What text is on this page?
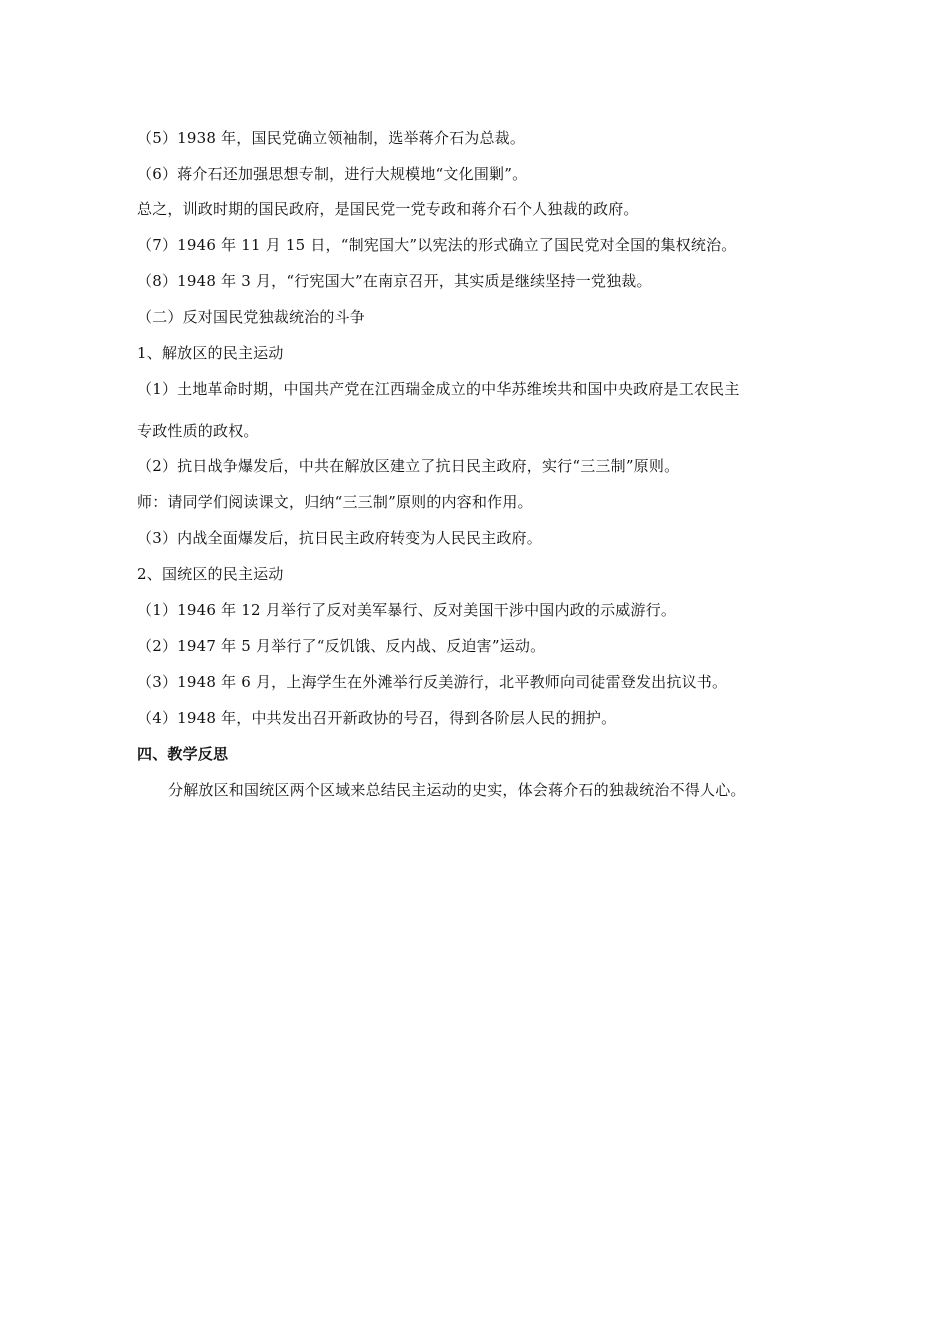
（5）1938 年，国民党确立领袖制，选举蒋介石为总裁。
（6）蒋介石还加强思想专制，进行大规模地“文化围剿”。
总之，训政时期的国民政府，是国民党一党专政和蒋介石个人独裁的政府。
（7）1946 年 11 月 15 日，“制宪国大”以宪法的形式确立了国民党对全国的集权统治。
（8）1948 年 3 月，“行宪国大”在南京召开，其实质是继续坚持一党独裁。
（二）反对国民党独裁统治的斗争
1、解放区的民主运动
（1）土地革命时期，中国共产党在江西瑞金成立的中华苏维埃共和国中央政府是工农民主
专政性质的政权。
（2）抗日战争爆发后，中共在解放区建立了抗日民主政府，实行“三三制”原则。
师：请同学们阅读课文，归纳“三三制”原则的内容和作用。
（3）内战全面爆发后，抗日民主政府转变为人民民主政府。
2、国统区的民主运动
（1）1946 年 12 月举行了反对美军暴行、反对美国干涉中国内政的示威游行。
（2）1947 年 5 月举行了“反饥饿、反内战、反迫害”运动。
（3）1948 年 6 月，上海学生在外滩举行反美游行，北平教师向司徒雷登发出抗议书。
（4）1948 年，中共发出召开新政协的号召，得到各阶层人民的拥护。
四、教学反思
分解放区和国统区两个区域来总结民主运动的史实，体会蒋介石的独裁统治不得人心。
